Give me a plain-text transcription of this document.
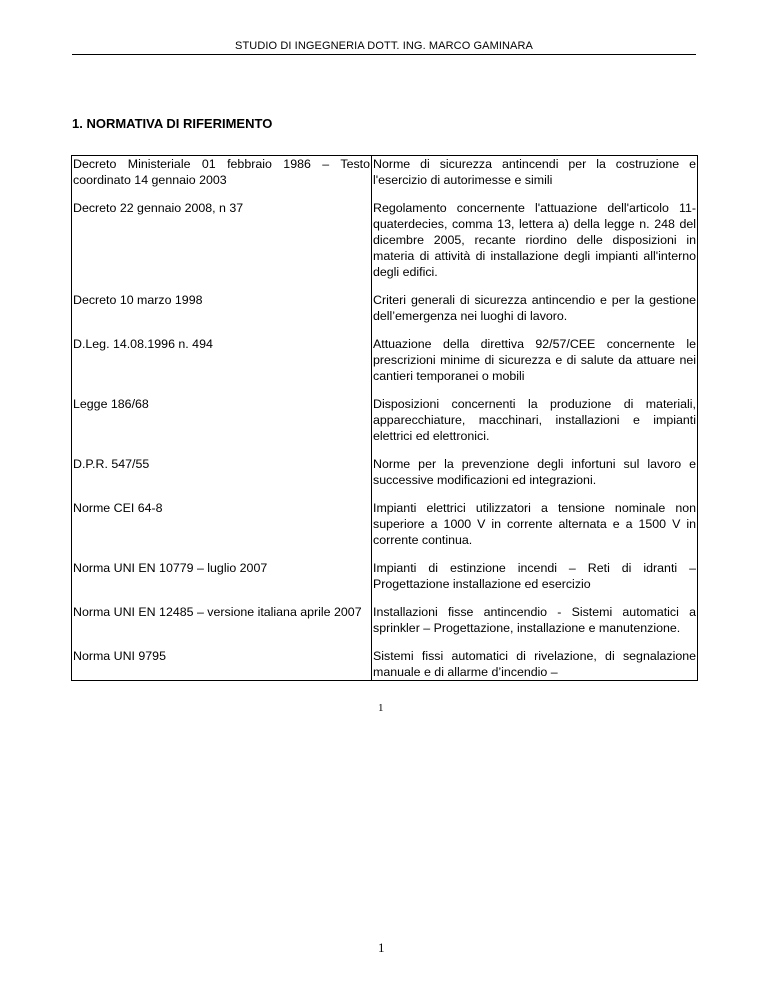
STUDIO DI INGEGNERIA DOTT. ING. MARCO GAMINARA
1. NORMATIVA DI RIFERIMENTO
Decreto Ministeriale 01 febbraio 1986 – Testo coordinato 14 gennaio 2003	Norme di sicurezza antincendi per la costruzione e l'esercizio di autorimesse e simili

Decreto 22 gennaio 2008, n 37	Regolamento concernente l'attuazione dell'articolo 11-quaterdecies, comma 13, lettera a) della legge n. 248 del dicembre 2005, recante riordino delle disposizioni in materia di attività di installazione degli impianti all'interno degli edifici.

Decreto 10 marzo 1998	Criteri generali di sicurezza antincendio e per la gestione dell’emergenza nei luoghi di lavoro.

D.Leg. 14.08.1996 n. 494	Attuazione della direttiva 92/57/CEE concernente le prescrizioni minime di sicurezza e di salute da attuare nei cantieri temporanei o mobili

Legge 186/68	Disposizioni concernenti la produzione di materiali, apparecchiature, macchinari, installazioni e impianti elettrici ed elettronici.

D.P.R. 547/55	Norme per la prevenzione degli infortuni sul lavoro e successive modificazioni ed integrazioni.

Norme CEI 64-8	Impianti elettrici utilizzatori a tensione nominale non superiore a 1000 V in corrente alternata e a 1500 V in corrente continua.

Norma UNI EN 10779 – luglio 2007	Impianti di estinzione incendi – Reti di idranti – Progettazione installazione ed esercizio

Norma UNI EN 12485 – versione italiana aprile 2007	Installazioni fisse antincendio - Sistemi automatici a sprinkler – Progettazione, installazione e manutenzione.

Norma UNI 9795	Sistemi fissi automatici di rivelazione, di segnalazione manuale e di allarme d’incendio –
1
1
